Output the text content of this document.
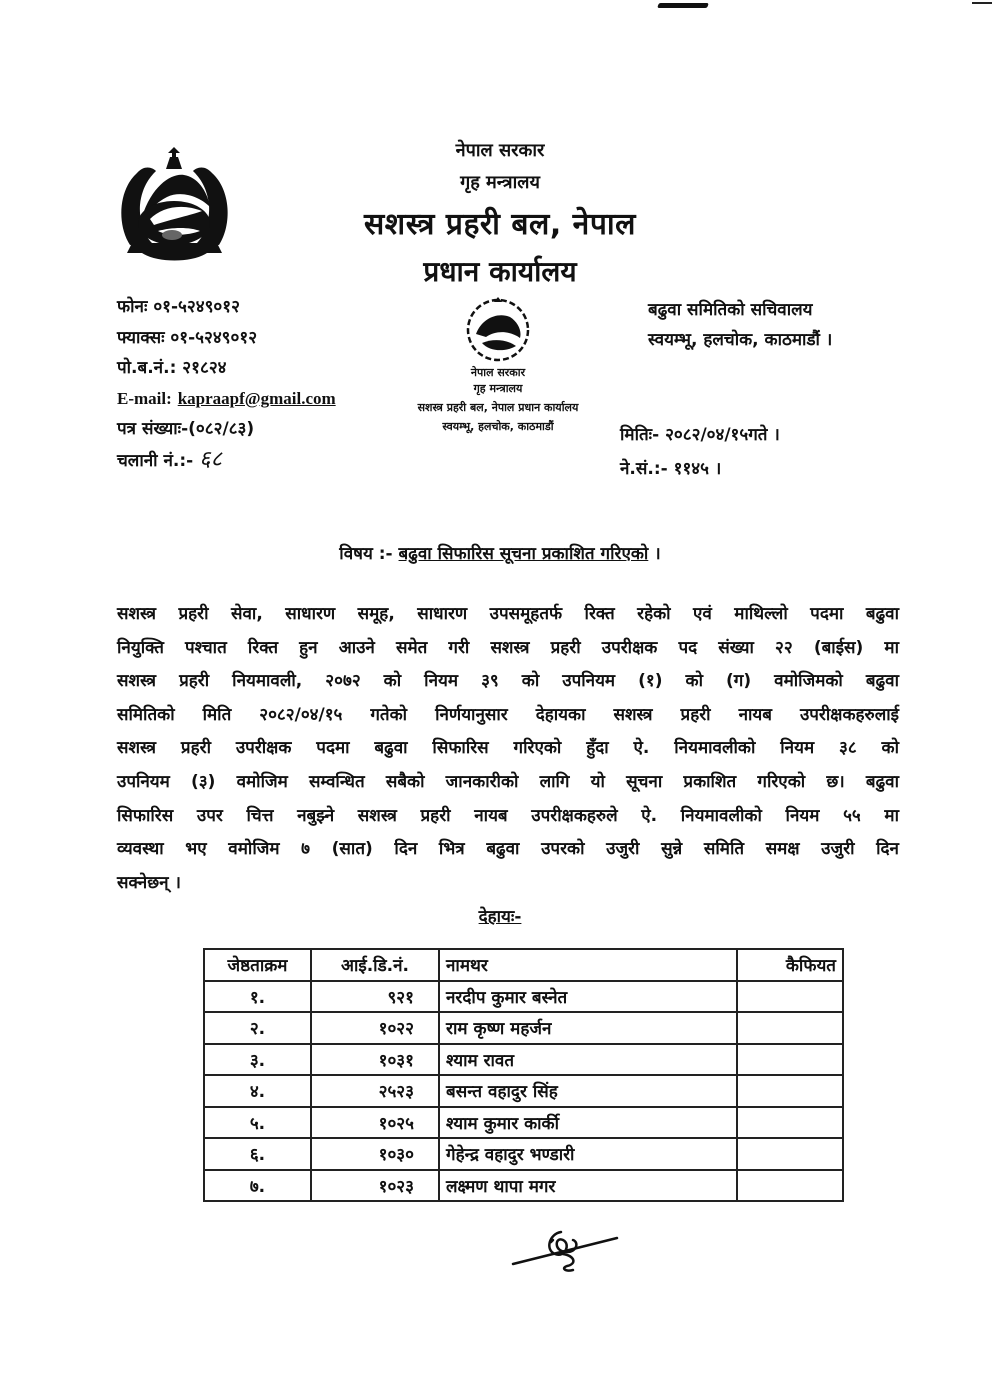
नेपाल सरकार
गृह मन्त्रालय
सशस्त्र प्रहरी बल, नेपाल
प्रधान कार्यालय
नेपाल सरकार
गृह मन्त्रालय
सशस्त्र प्रहरी बल, नेपाल प्रधान कार्यालय
स्वयम्भू, हलचोक, काठमाडौं
फोनः ०१-५२४९०१२
फ्याक्सः ०१-५२४९०१२
पो.ब.नं.: २१८२४
E-mail: kapraapf@gmail.com
पत्र संख्याः-(०८२/८३)
चलानी नं.:- ६८
बढुवा समितिको सचिवालय
स्वयम्भू, हलचोक, काठमाडौं ।
मितिः- २०८२/०४/१५गते ।
ने.सं.:- ११४५ ।
विषय :- बढुवा सिफारिस सूचना प्रकाशित गरिएको ।
सशस्त्र प्रहरी सेवा, साधारण समूह, साधारण उपसमूहतर्फ रिक्त रहेको एवं माथिल्लो पदमा बढुवा
नियुक्ति पश्चात रिक्त हुन आउने समेत गरी सशस्त्र प्रहरी उपरीक्षक पद संख्या २२ (बाईस) मा
सशस्त्र प्रहरी नियमावली, २०७२ को नियम ३९ को उपनियम (१) को (ग) वमोजिमको बढुवा
समितिको मिति २०८२/०४/१५ गतेको निर्णयानुसार देहायका सशस्त्र प्रहरी नायब उपरीक्षकहरुलाई
सशस्त्र प्रहरी उपरीक्षक पदमा बढुवा सिफारिस गरिएको हुँदा ऐ. नियमावलीको नियम ३८ को
उपनियम (३) वमोजिम सम्वन्धित सबैको जानकारीको लागि यो सूचना प्रकाशित गरिएको छ। बढुवा
सिफारिस उपर चित्त नबुझ्ने सशस्त्र प्रहरी नायब उपरीक्षकहरुले ऐ. नियमावलीको नियम ५५ मा
व्यवस्था भए वमोजिम ७ (सात) दिन भित्र बढुवा उपरको उजुरी सुन्ने समिति समक्ष उजुरी दिन
सक्नेछन् ।
देहायः-
जेष्ठताक्रम	आई.डि.नं.	नामथर	कैफियत
१.	९२१	नरदीप कुमार बस्नेत	
२.	१०२२	राम कृष्ण महर्जन	
३.	१०३१	श्याम रावत	
४.	२५२३	बसन्त वहादुर सिंह	
५.	१०२५	श्याम कुमार कार्की	
६.	१०३०	गेहेन्द्र वहादुर भण्डारी	
७.	१०२३	लक्ष्मण थापा मगर	
